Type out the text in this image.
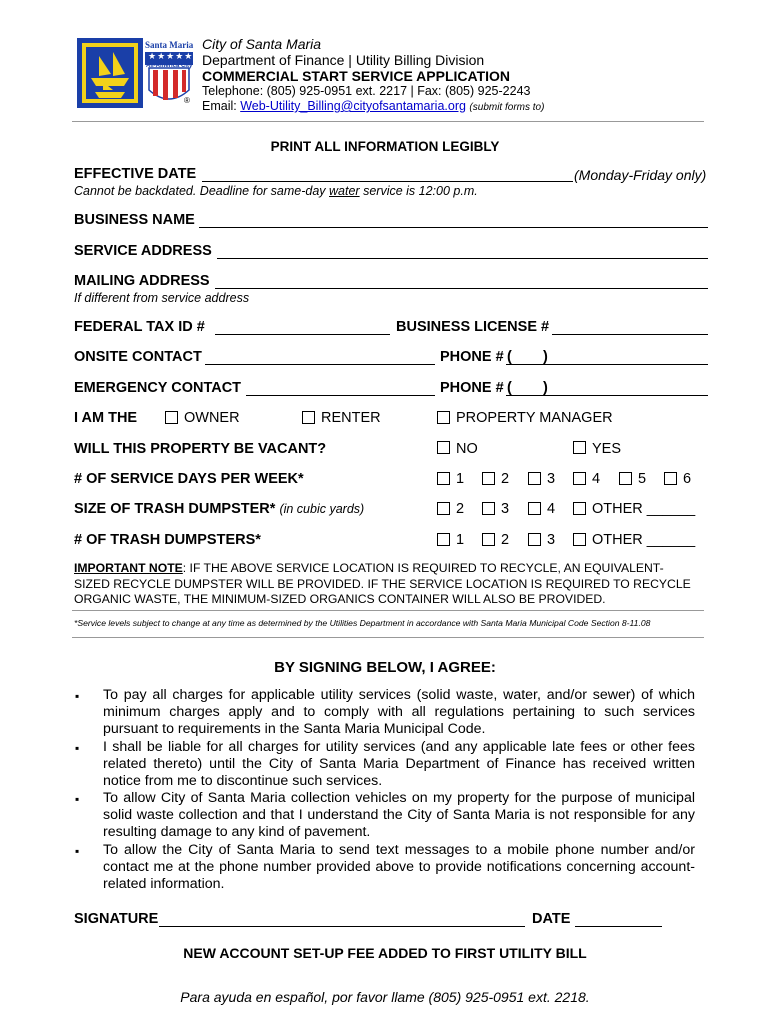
Santa Maria
★★★★★
All-America City
®
City of Santa Maria
Department of Finance | Utility Billing Division
COMMERCIAL START SERVICE APPLICATION
Telephone: (805) 925-0951 ext. 2217 | Fax: (805) 925-2243
Email: Web-Utility_Billing@cityofsantamaria.org (submit forms to)
PRINT ALL INFORMATION LEGIBLY
EFFECTIVE DATE	(Monday-Friday only)
Cannot be backdated. Deadline for same-day water service is 12:00 p.m.
BUSINESS NAME
SERVICE ADDRESS
MAILING ADDRESS
If different from service address
FEDERAL TAX ID #	BUSINESS LICENSE #
ONSITE CONTACT	PHONE # ( )
EMERGENCY CONTACT	PHONE # ( )
I AM THE	OWNER	RENTER	PROPERTY MANAGER
WILL THIS PROPERTY BE VACANT?	NO	YES
# OF SERVICE DAYS PER WEEK*	1	2	3	4	5	6
SIZE OF TRASH DUMPSTER* (in cubic yards)	2	3	4	OTHER ______
# OF TRASH DUMPSTERS*	1	2	3	OTHER ______
IMPORTANT NOTE: IF THE ABOVE SERVICE LOCATION IS REQUIRED TO RECYCLE, AN EQUIVALENT-
SIZED RECYCLE DUMPSTER WILL BE PROVIDED. IF THE SERVICE LOCATION IS REQUIRED TO RECYCLE
ORGANIC WASTE, THE MINIMUM-SIZED ORGANICS CONTAINER WILL ALSO BE PROVIDED.
*Service levels subject to change at any time as determined by the Utilities Department in accordance with Santa Maria Municipal Code Section 8-11.08
BY SIGNING BELOW, I AGREE:
▪ To pay all charges for applicable utility services (solid waste, water, and/or sewer) of which minimum charges apply and to comply with all regulations pertaining to such services pursuant to requirements in the Santa Maria Municipal Code.
▪ I shall be liable for all charges for utility services (and any applicable late fees or other fees related thereto) until the City of Santa Maria Department of Finance has received written notice from me to discontinue such services.
▪ To allow City of Santa Maria collection vehicles on my property for the purpose of municipal solid waste collection and that I understand the City of Santa Maria is not responsible for any resulting damage to any kind of pavement.
▪ To allow the City of Santa Maria to send text messages to a mobile phone number and/or contact me at the phone number provided above to provide notifications concerning account-related information.
SIGNATURE	DATE
NEW ACCOUNT SET-UP FEE ADDED TO FIRST UTILITY BILL
Para ayuda en español, por favor llame (805) 925-0951 ext. 2218.
